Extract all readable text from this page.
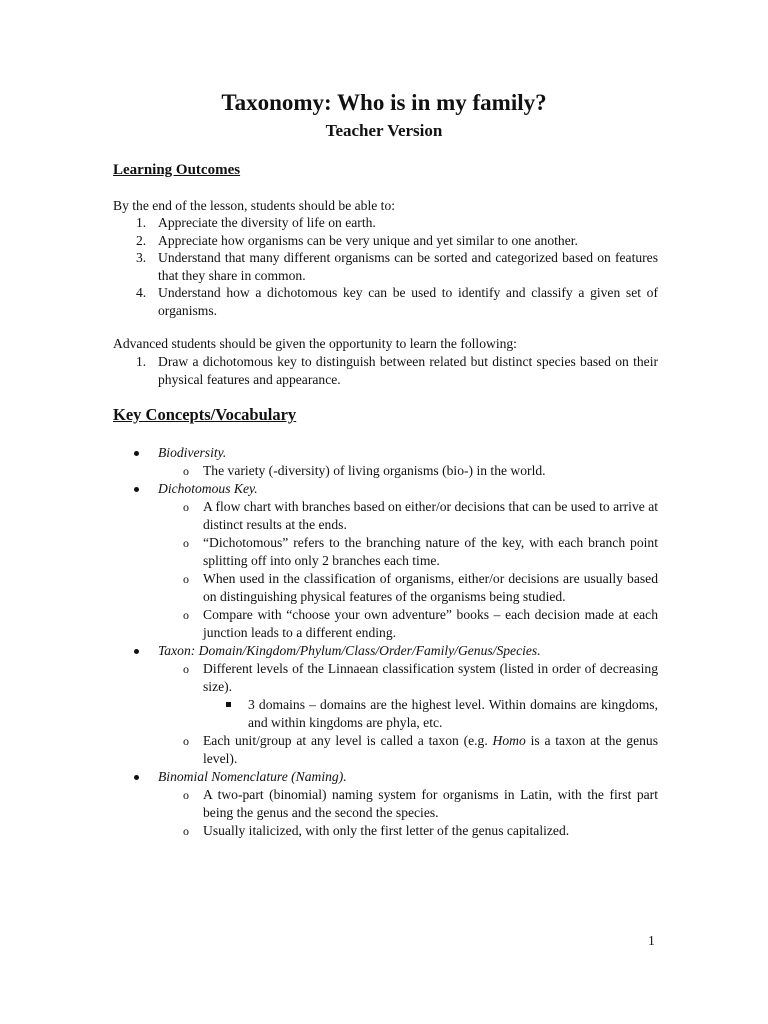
Taxonomy: Who is in my family?
Teacher Version
Learning Outcomes
By the end of the lesson, students should be able to:
1. Appreciate the diversity of life on earth.
2. Appreciate how organisms can be very unique and yet similar to one another.
3. Understand that many different organisms can be sorted and categorized based on features that they share in common.
4. Understand how a dichotomous key can be used to identify and classify a given set of organisms.
Advanced students should be given the opportunity to learn the following:
1. Draw a dichotomous key to distinguish between related but distinct species based on their physical features and appearance.
Key Concepts/Vocabulary
Biodiversity.
o The variety (-diversity) of living organisms (bio-) in the world.
Dichotomous Key.
o A flow chart with branches based on either/or decisions that can be used to arrive at distinct results at the ends.
o “Dichotomous” refers to the branching nature of the key, with each branch point splitting off into only 2 branches each time.
o When used in the classification of organisms, either/or decisions are usually based on distinguishing physical features of the organisms being studied.
o Compare with “choose your own adventure” books – each decision made at each junction leads to a different ending.
Taxon: Domain/Kingdom/Phylum/Class/Order/Family/Genus/Species.
o Different levels of the Linnaean classification system (listed in order of decreasing size).
3 domains – domains are the highest level. Within domains are kingdoms, and within kingdoms are phyla, etc.
o Each unit/group at any level is called a taxon (e.g. Homo is a taxon at the genus level).
Binomial Nomenclature (Naming).
o A two-part (binomial) naming system for organisms in Latin, with the first part being the genus and the second the species.
o Usually italicized, with only the first letter of the genus capitalized.
1
